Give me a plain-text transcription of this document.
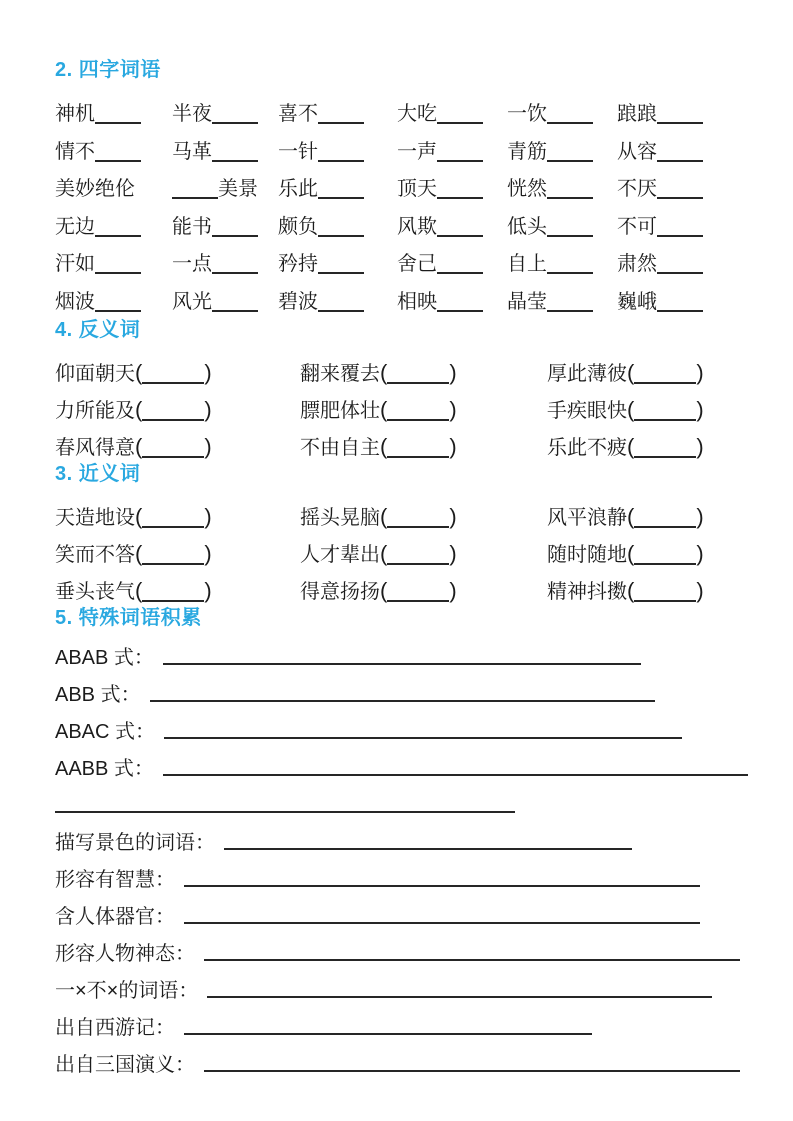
2. 四字词语
神机	半夜	喜不	大吃	一饮	踉踉
情不	马革	一针	一声	青筋	从容
美妙绝伦	美景	乐此	顶天	恍然	不厌
无边	能书	颇负	风欺	低头	不可
汗如	一点	矜持	舍己	自上	肃然
烟波	风光	碧波	相映	晶莹	巍峨
4. 反义词
仰面朝天(	)	翻来覆去(	)	厚此薄彼(	)
力所能及(	)	膘肥体壮(	)	手疾眼快(	)
春风得意(	)	不由自主(	)	乐此不疲(	)
3. 近义词
天造地设(	)	摇头晃脑(	)	风平浪静(	)
笑而不答(	)	人才辈出(	)	随时随地(	)
垂头丧气(	)	得意扬扬(	)	精神抖擞(	)
5. 特殊词语积累
ABAB 式：
ABB 式：
ABAC 式：
AABB 式：
描写景色的词语：
形容有智慧：
含人体器官：
形容人物神态：
一×不×的词语：
出自西游记：
出自三国演义：
